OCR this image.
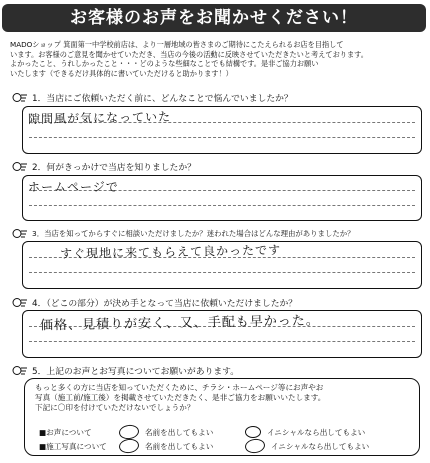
お客様のお声をお聞かせください！
MADOショップ 箕面第一中学校前店は、より一層地域の皆さまのご期待にこたえられるお店を目指して
います。お客様のご意見を聞かせていただき、当店の今後の活動に反映させていただきたいと考えております。
よかったこと、うれしかったこと・・・どのような些細なことでも結構です。是非ご協力お願い
いたします（できるだけ具体的に書いていただけると助かります！）
1．当店にご依頼いただく前に、どんなことで悩んでいましたか？
隙間風が気になっていた
2．何がきっかけで当店を知りましたか？
ホームページで
3．当店を知ってからすぐに相談いただけましたか？迷われた場合はどんな理由がありましたか？
すぐ現地に来てもらえて良かったです
4．（どこの部分）が決め手となって当店に依頼いただけましたか？
価格、見積りが安く、又、手配も早かった。
5．上記のお声とお写真についてお願いがあります。
もっと多くの方に当店を知っていただくために、チラシ・ホームページ等にお声やお
写真（施工前/施工後）を掲載させていただきたく、是非ご協力をお願いいたします。
下記に〇印を付けていただけないでしょうか？
■お声について	名前を出してもよい	イニシャルなら出してもよい
■施工写真について	名前を出してもよい	イニシャルなら出してもよい
